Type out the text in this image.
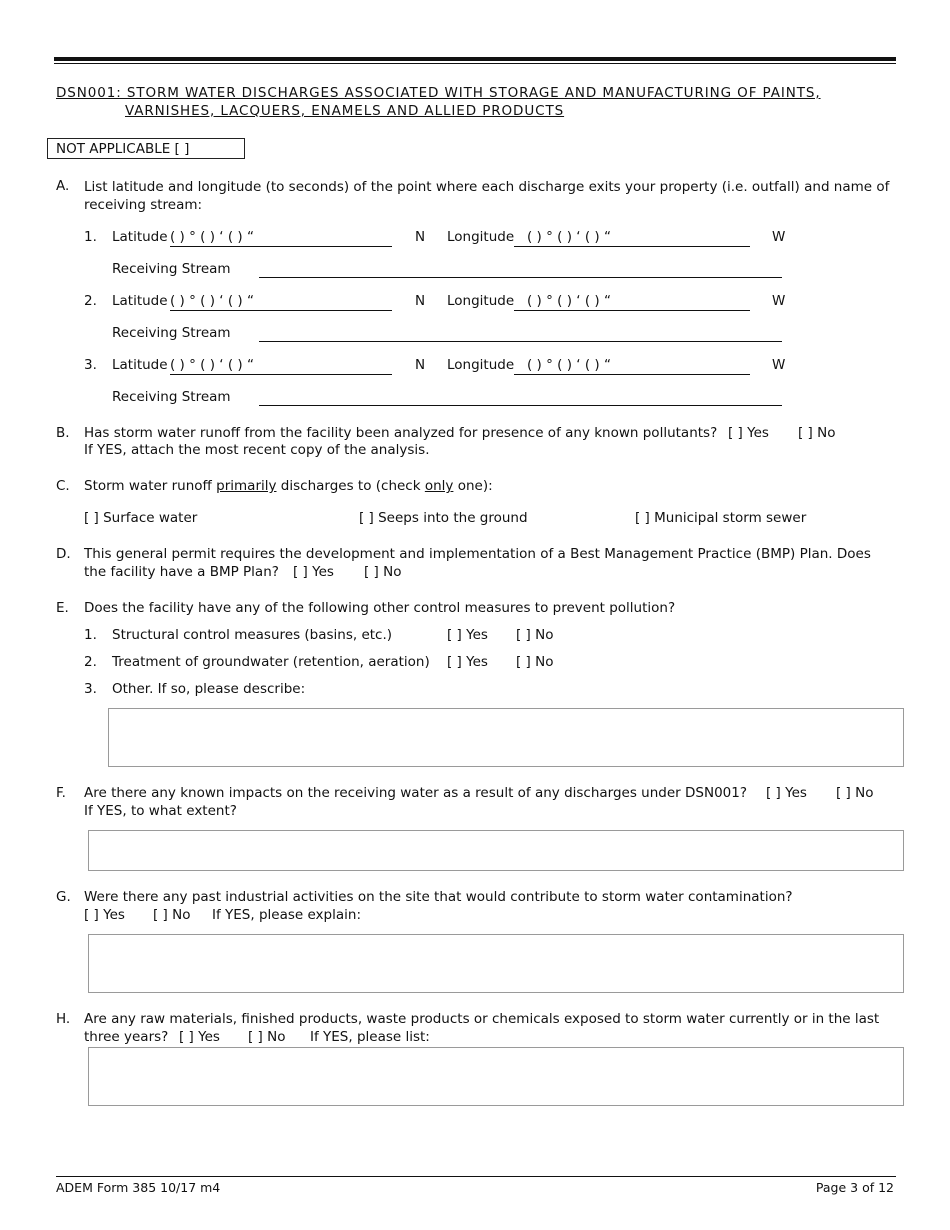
DSN001: STORM WATER DISCHARGES ASSOCIATED WITH STORAGE AND MANUFACTURING OF PAINTS,
VARNISHES, LACQUERS, ENAMELS AND ALLIED PRODUCTS
NOT APPLICABLE [ ]
A. List latitude and longitude (to seconds) of the point where each discharge exits your property (i.e. outfall) and name of receiving stream:
1. Latitude ( ) ° ( ) ‘ ( ) “	N Longitude ( ) ° ( ) ‘ ( ) “	W
Receiving Stream
2. Latitude ( ) ° ( ) ‘ ( ) “	N Longitude ( ) ° ( ) ‘ ( ) “	W
Receiving Stream
3. Latitude ( ) ° ( ) ‘ ( ) “	N Longitude ( ) ° ( ) ‘ ( ) “	W
Receiving Stream
B. Has storm water runoff from the facility been analyzed for presence of any known pollutants? [ ] Yes [ ] No
If YES, attach the most recent copy of the analysis.
C. Storm water runoff primarily discharges to (check only one):
[ ] Surface water	[ ] Seeps into the ground	[ ] Municipal storm sewer
D. This general permit requires the development and implementation of a Best Management Practice (BMP) Plan. Does
the facility have a BMP Plan? [ ] Yes [ ] No
E. Does the facility have any of the following other control measures to prevent pollution?
1. Structural control measures (basins, etc.)	[ ] Yes [ ] No
2. Treatment of groundwater (retention, aeration) [ ] Yes [ ] No
3. Other. If so, please describe:
F. Are there any known impacts on the receiving water as a result of any discharges under DSN001? [ ] Yes [ ] No
If YES, to what extent?
G. Were there any past industrial activities on the site that would contribute to storm water contamination?
[ ] Yes [ ] No If YES, please explain:
H. Are any raw materials, finished products, waste products or chemicals exposed to storm water currently or in the last
three years? [ ] Yes [ ] No If YES, please list:
ADEM Form 385 10/17 m4	Page 3 of 12
